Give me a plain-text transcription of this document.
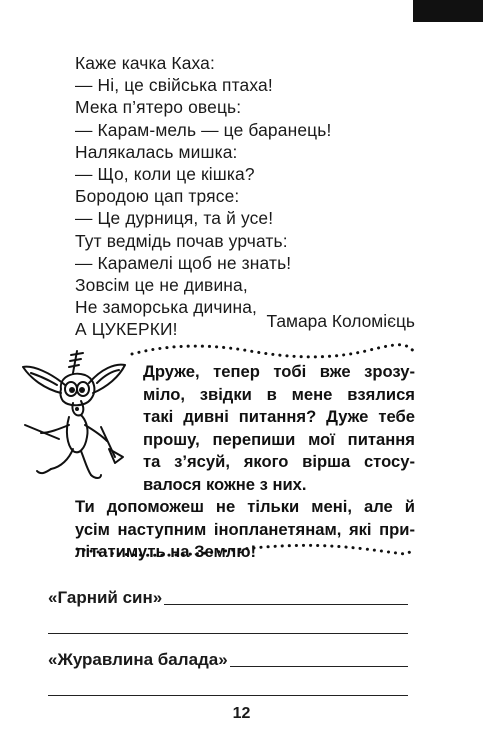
Каже качка Каха:
— Ні, це свійська птаха!
Мека п’ятеро овець:
— Карам-мель — це баранець!
Налякалась мишка:
— Що, коли це кішка?
Бородою цап трясе:
— Це дурниця, та й усе!
Тут ведмідь почав урчать:
— Карамелі щоб не знать!
Зовсім це не дивина,
Не заморська дичина,
А ЦУКЕРКИ!	Тамара Коломієць
Друже, тепер тобі вже зрозу-
міло, звідки в мене взялися
такі дивні питання? Дуже тебе
прошу, перепиши мої питання
та з’ясуй, якого вірша стосу-
валося кожне з них.
Ти допоможеш не тільки мені, але й
усім наступним інопланетянам, які при-
літатимуть на Землю!
«Гарний син»
«Журавлина балада»
12
